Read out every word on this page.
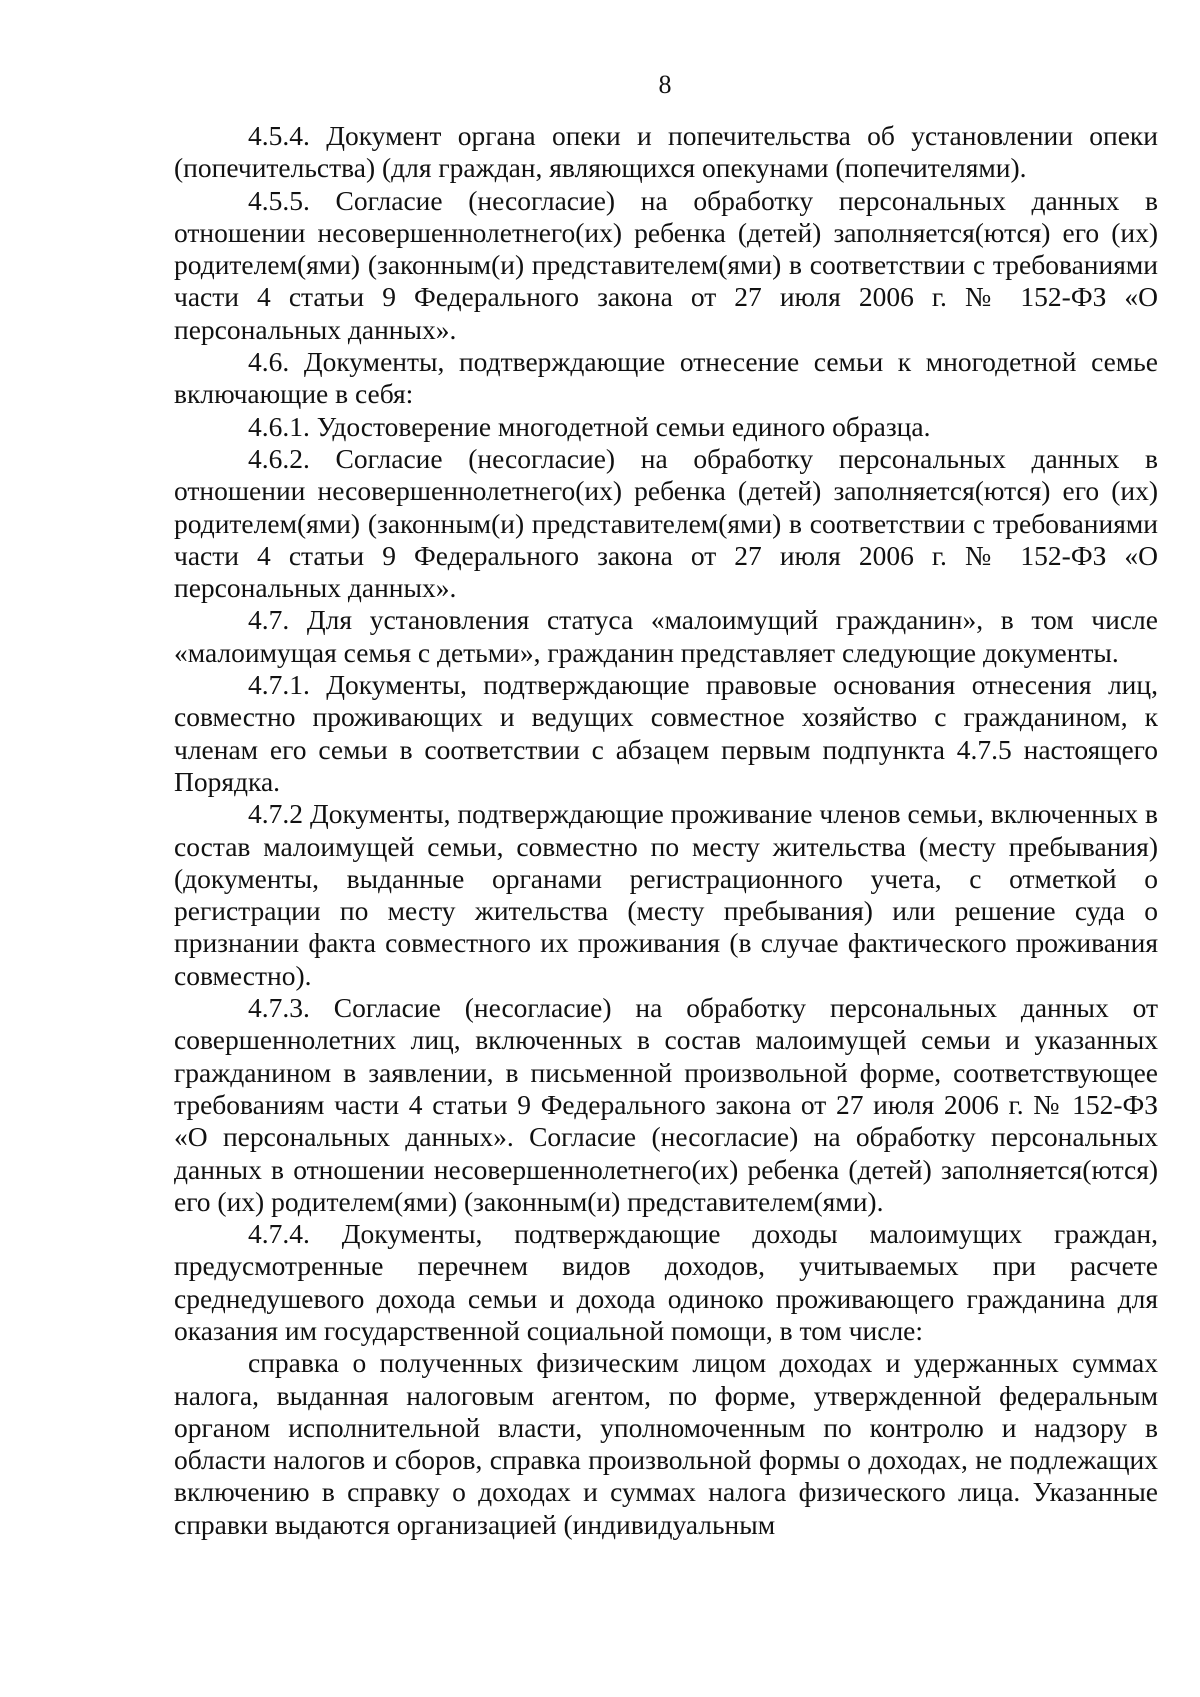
8

4.5.4. Документ органа опеки и попечительства об установлении опеки (попечительства) (для граждан, являющихся опекунами (попечителями).

4.5.5. Согласие (несогласие) на обработку персональных данных в отношении несовершеннолетнего(их) ребенка (детей) заполняется(ются) его (их) родителем(ями) (законным(и) представителем(ями) в соответствии с требованиями части 4 статьи 9 Федерального закона от 27 июля 2006 г. № 152-ФЗ «О персональных данных».

4.6. Документы, подтверждающие отнесение семьи к многодетной семье включающие в себя:

4.6.1. Удостоверение многодетной семьи единого образца.

4.6.2. Согласие (несогласие) на обработку персональных данных в отношении несовершеннолетнего(их) ребенка (детей) заполняется(ются) его (их) родителем(ями) (законным(и) представителем(ями) в соответствии с требованиями части 4 статьи 9 Федерального закона от 27 июля 2006 г. № 152-ФЗ «О персональных данных».

4.7. Для установления статуса «малоимущий гражданин», в том числе «малоимущая семья с детьми», гражданин представляет следующие документы.

4.7.1. Документы, подтверждающие правовые основания отнесения лиц, совместно проживающих и ведущих совместное хозяйство с гражданином, к членам его семьи в соответствии с абзацем первым подпункта 4.7.5 настоящего Порядка.

4.7.2 Документы, подтверждающие проживание членов семьи, включенных в состав малоимущей семьи, совместно по месту жительства (месту пребывания) (документы, выданные органами регистрационного учета, с отметкой о регистрации по месту жительства (месту пребывания) или решение суда о признании факта совместного их проживания (в случае фактического проживания совместно).

4.7.3. Согласие (несогласие) на обработку персональных данных от совершеннолетних лиц, включенных в состав малоимущей семьи и указанных гражданином в заявлении, в письменной произвольной форме, соответствующее требованиям части 4 статьи 9 Федерального закона от 27 июля 2006 г. № 152-ФЗ «О персональных данных». Согласие (несогласие) на обработку персональных данных в отношении несовершеннолетнего(их) ребенка (детей) заполняется(ются) его (их) родителем(ями) (законным(и) представителем(ями).

4.7.4. Документы, подтверждающие доходы малоимущих граждан, предусмотренные перечнем видов доходов, учитываемых при расчете среднедушевого дохода семьи и дохода одиноко проживающего гражданина для оказания им государственной социальной помощи, в том числе:

справка о полученных физическим лицом доходах и удержанных суммах налога, выданная налоговым агентом, по форме, утвержденной федеральным органом исполнительной власти, уполномоченным по контролю и надзору в области налогов и сборов, справка произвольной формы о доходах, не подлежащих включению в справку о доходах и суммах налога физического лица. Указанные справки выдаются организацией (индивидуальным
